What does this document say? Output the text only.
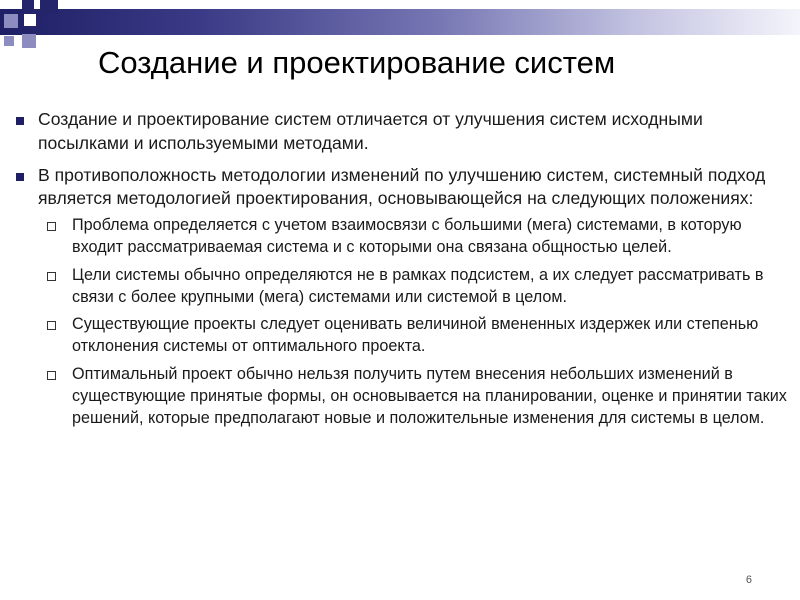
Создание и проектирование систем
Создание и проектирование систем отличается от улучшения систем исходными посылками и используемыми методами.
В противоположность методологии изменений по улучшению систем, системный подход является методологией проектирования, основывающейся на следующих положениях:
Проблема определяется с учетом взаимосвязи с большими (мега) системами, в которую входит рассматриваемая система и с которыми она связана общностью целей.
Цели системы обычно определяются не в рамках подсистем, а их следует рассматривать в связи с более крупными (мега) системами или системой в целом.
Существующие проекты следует оценивать величиной вмененных издержек или степенью отклонения системы от оптимального проекта.
Оптимальный проект обычно нельзя получить путем внесения небольших изменений в существующие принятые формы, он основывается на планировании, оценке и принятии таких решений, которые предполагают новые и положительные изменения для системы в целом.
6
